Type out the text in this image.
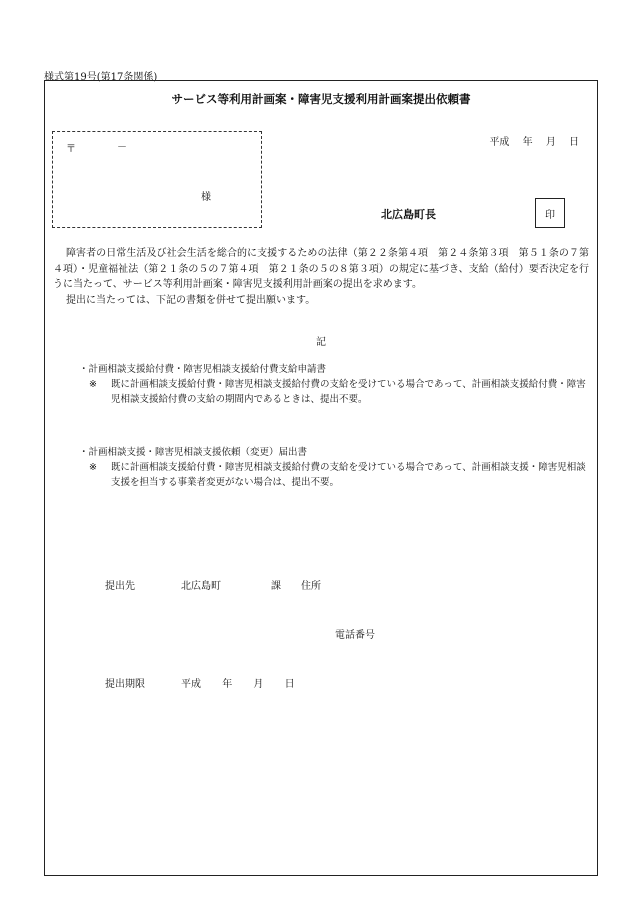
様式第19号(第17条関係)
サービス等利用計画案・障害児支援利用計画案提出依頼書
〒	－
様
平成 年 月 日
北広島町長	印

障害者の日常生活及び社会生活を総合的に支援するための法律（第２２条第４項　第２４条第３項　第５１条の７第４項）・児童福祉法（第２１条の５の７第４項　第２１条の５の８第３項）の規定に基づき、支給（給付）要否決定を行うに当たって、サービス等利用計画案・障害児支援利用計画案の提出を求めます。

提出に当たっては、下記の書類を併せて提出願います。

記
・計画相談支援給付費・障害児相談支援給付費支給申請書
※	既に計画相談支援給付費・障害児相談支援給付費の支給を受けている場合であって、計画相談支援給付費・障害児相談支援給付費の支給の期間内であるときは、提出不要。
・計画相談支援・障害児相談支援依頼（変更）届出書
※	既に計画相談支援給付費・障害児相談支援給付費の支給を受けている場合であって、計画相談支援・障害児相談支援を担当する事業者変更がない場合は、提出不要。
提出先	北広島町	課 住所
電話番号
提出期限	平成 年 月 日
